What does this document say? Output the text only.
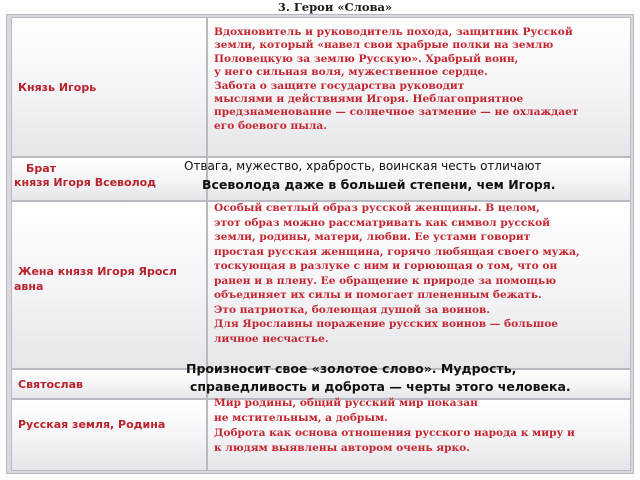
3. Герои «Слова»
Князь Игорь
Вдохновитель и руководитель похода, защитник Русской
земли, который «навел свои храбрые полки на землю
Половецкую за землю Русскую». Храбрый воин,
у него сильная воля, мужественное сердце.
Забота о защите государства руководит
мыслями и действиями Игоря. Неблагоприятное
предзнаменование — солнечное затмение — не охлаждает
его боевого пыла.
Брат
князя Игоря Всеволод
Жена князя Игоря Яросл
авна
Особый светлый образ русской женщины. В целом,
этот образ можно рассматривать как символ русской
земли, родины, матери, любви. Ее устами говорит
простая русская женщина, горячо любящая своего мужа,
тоскующая в разлуке с ним и горюющая о том, что он
ранен и в плену. Ее обращение к природе за помощью
объединяет их силы и помогает плененным бежать.
Это патриотка, болеющая душой за воинов.
Для Ярославны поражение русских воинов — большое
личное несчастье.
Святослав
Русская земля, Родина
Мир родины, общий русский мир показан
не мстительным, а добрым.
Доброта как основа отношения русского народа к миру и
к людям выявлены автором очень ярко.
Отвага, мужество, храбрость, воинская честь отличают
Всеволода даже в большей степени, чем Игоря.
Произносит свое «золотое слово». Мудрость,
справедливость и доброта — черты этого человека.
